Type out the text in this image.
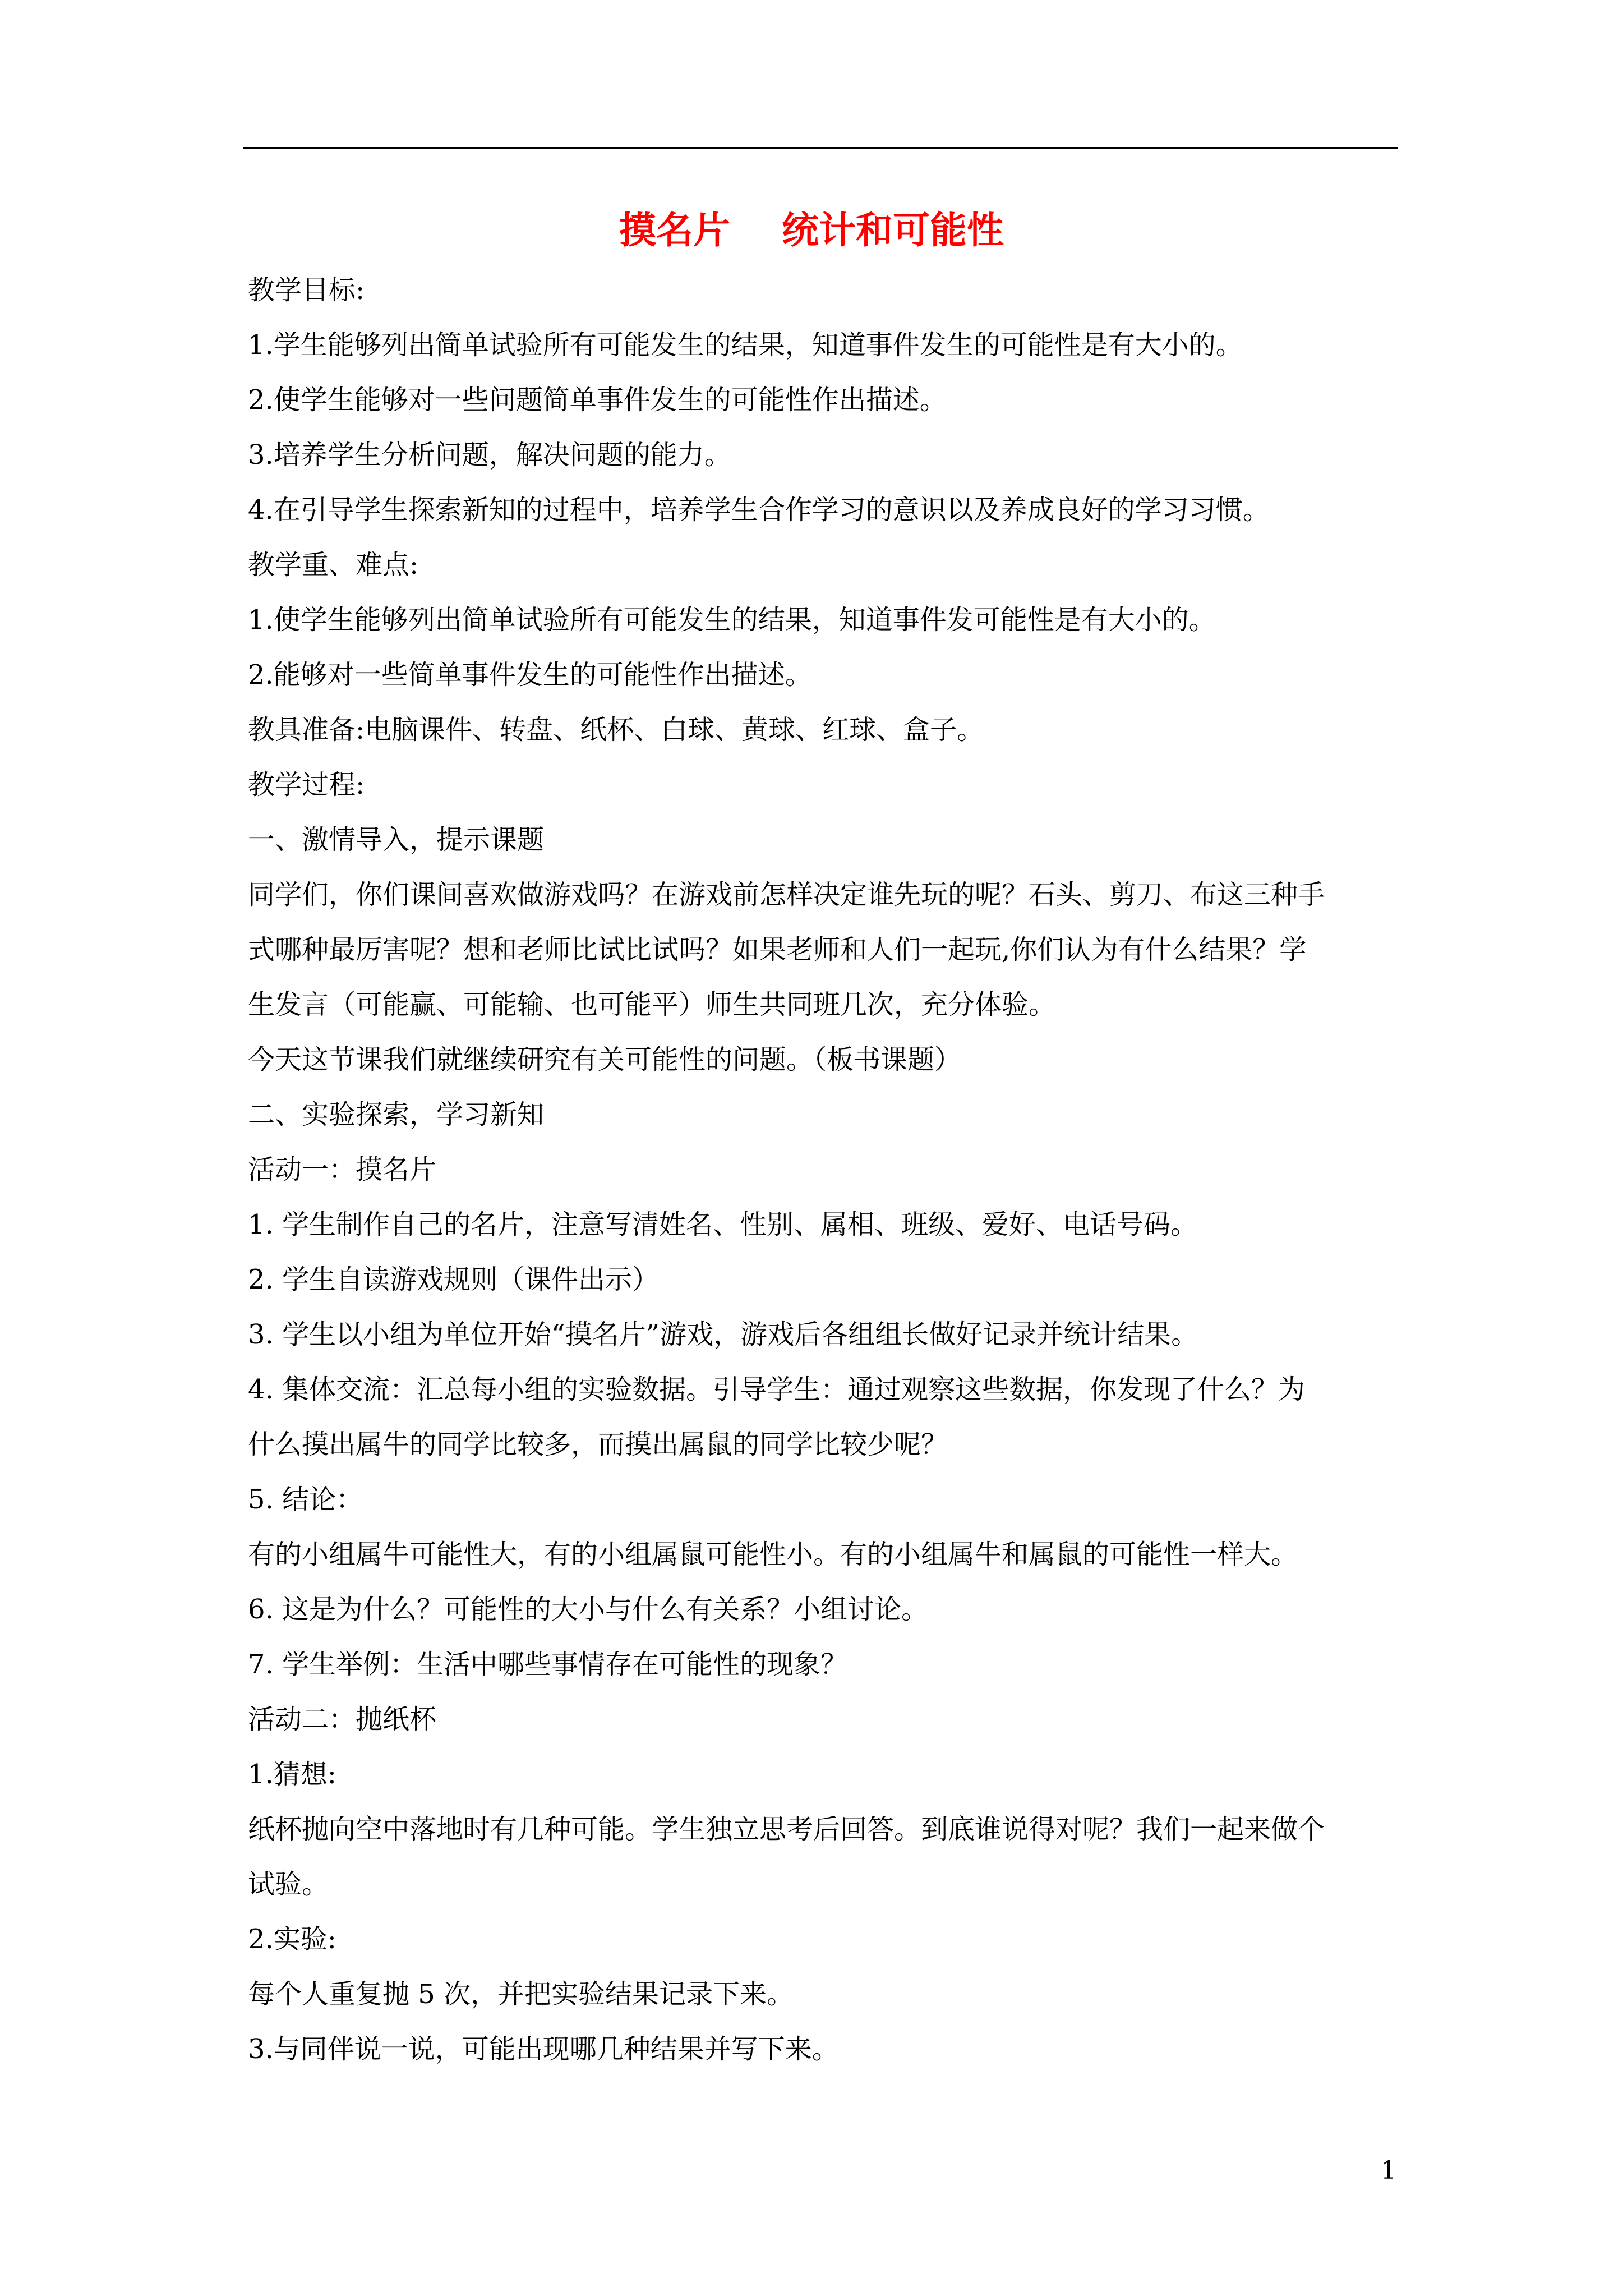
摸名片    统计和可能性
教学目标:
1.学生能够列出简单试验所有可能发生的结果，知道事件发生的可能性是有大小的。
2.使学生能够对一些问题简单事件发生的可能性作出描述。
3.培养学生分析问题，解决问题的能力。
4.在引导学生探索新知的过程中，培养学生合作学习的意识以及养成良好的学习习惯。
教学重、难点:
1.使学生能够列出简单试验所有可能发生的结果，知道事件发可能性是有大小的。
2.能够对一些简单事件发生的可能性作出描述。
教具准备:电脑课件、转盘、纸杯、白球、黄球、红球、盒子。
教学过程:
一、激情导入，提示课题
同学们，你们课间喜欢做游戏吗？在游戏前怎样决定谁先玩的呢？石头、剪刀、布这三种手
式哪种最厉害呢？想和老师比试比试吗？如果老师和人们一起玩,你们认为有什么结果？学
生发言（可能赢、可能输、也可能平）师生共同班几次，充分体验。
今天这节课我们就继续研究有关可能性的问题。（板书课题）
二、实验探索，学习新知
活动一：摸名片
1. 学生制作自己的名片，注意写清姓名、性别、属相、班级、爱好、电话号码。
2. 学生自读游戏规则（课件出示）
3. 学生以小组为单位开始“摸名片”游戏，游戏后各组组长做好记录并统计结果。
4. 集体交流：汇总每小组的实验数据。引导学生：通过观察这些数据，你发现了什么？为
什么摸出属牛的同学比较多，而摸出属鼠的同学比较少呢？
5. 结论：
有的小组属牛可能性大，有的小组属鼠可能性小。有的小组属牛和属鼠的可能性一样大。
6. 这是为什么？可能性的大小与什么有关系？小组讨论。
7. 学生举例：生活中哪些事情存在可能性的现象？
活动二：抛纸杯
1.猜想:
纸杯抛向空中落地时有几种可能。学生独立思考后回答。到底谁说得对呢？我们一起来做个
试验。
2.实验:
每个人重复抛 5 次，并把实验结果记录下来。
3.与同伴说一说，可能出现哪几种结果并写下来。
1
